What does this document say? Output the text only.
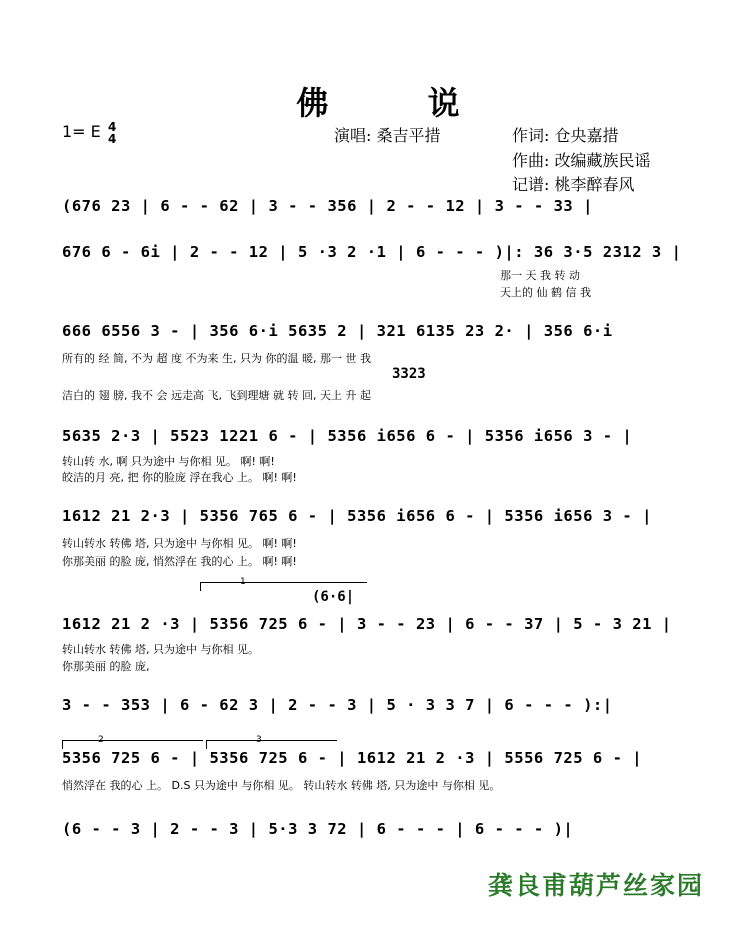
佛 说
1= E 4
4	演唱: 桑吉平措	作词: 仓央嘉措
作曲: 改编藏族民谣
记谱: 桃李醉春风
(676 23 | 6 - - 62 | 3 - - 356 | 2 - - 12 | 3 - - 33 |
676 6 - 6i | 2 - - 12 | 5 ·3 2 ·1 | 6 - - - )|: 36 3·5 2312 3 |
那一 天 我 转 动
天上的 仙 鹤 信 我
666 6556 3 - | 356 6·i 5635 2 | 321 6135 23 2· | 356 6·i
所有的 经 简, 不为 超 度 不为来 生, 只为 你的温 暖, 那一 世 我
3323
洁白的 翅 膀, 我不 会 远走高 飞, 飞到理塘 就 转 回, 天上 升 起
5635 2·3 | 5523 1221 6 - | 5356 i656 6 - | 5356 i656 3 - |
转山转 水, 啊 只为途中 与你相 见。 啊! 啊!
皎洁的月 亮, 把 你的脸庞 浮在我心 上。 啊! 啊!
1612 21 2·3 | 5356 765 6 - | 5356 i656 6 - | 5356 i656 3 - |
转山转水 转佛 塔, 只为途中 与你相 见。 啊! 啊!
你那美丽 的脸 庞, 悄然浮在 我的心 上。 啊! 啊!
1
(6·6|
1612 21 2 ·3 | 5356 725 6 - | 3 - - 23 | 6 - - 37 | 5 - 3 21 |
转山转水 转佛 塔, 只为途中 与你相 见。
你那美丽 的脸 庞,
3 - - 353 | 6 - 62 3 | 2 - - 3 | 5 · 3 3 7 | 6 - - - ):|
2	3
5356 725 6 - | 5356 725 6 - | 1612 21 2 ·3 | 5556 725 6 - |
悄然浮在 我的心 上。 D.S 只为途中 与你相 见。 转山转水 转佛 塔, 只为途中 与你相 见。
(6 - - 3 | 2 - - 3 | 5·3 3 72 | 6 - - - | 6 - - - )|
龚良甫葫芦丝家园
